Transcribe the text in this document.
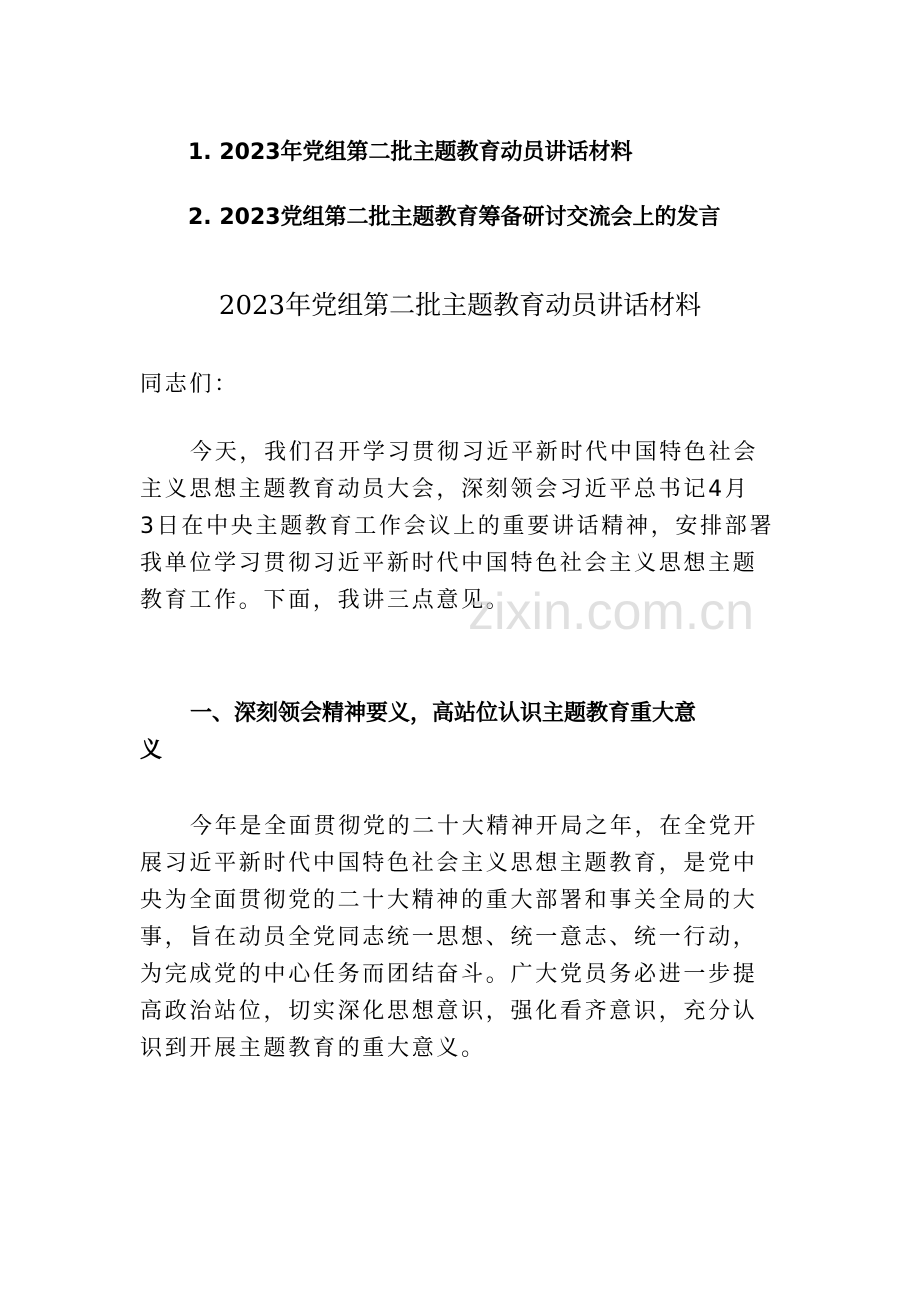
1. 2023年党组第二批主题教育动员讲话材料
2. 2023党组第二批主题教育筹备研讨交流会上的发言
2023年党组第二批主题教育动员讲话材料
同志们：
今天，我们召开学习贯彻习近平新时代中国特色社会
主义思想主题教育动员大会，深刻领会习近平总书记4月
3日在中央主题教育工作会议上的重要讲话精神，安排部署
我单位学习贯彻习近平新时代中国特色社会主义思想主题
教育工作。下面，我讲三点意见。
一、深刻领会精神要义，高站位认识主题教育重大意
义
今年是全面贯彻党的二十大精神开局之年，在全党开
展习近平新时代中国特色社会主义思想主题教育，是党中
央为全面贯彻党的二十大精神的重大部署和事关全局的大
事，旨在动员全党同志统一思想、统一意志、统一行动，
为完成党的中心任务而团结奋斗。广大党员务必进一步提
高政治站位，切实深化思想意识，强化看齐意识，充分认
识到开展主题教育的重大意义。
zixin.com.cn
